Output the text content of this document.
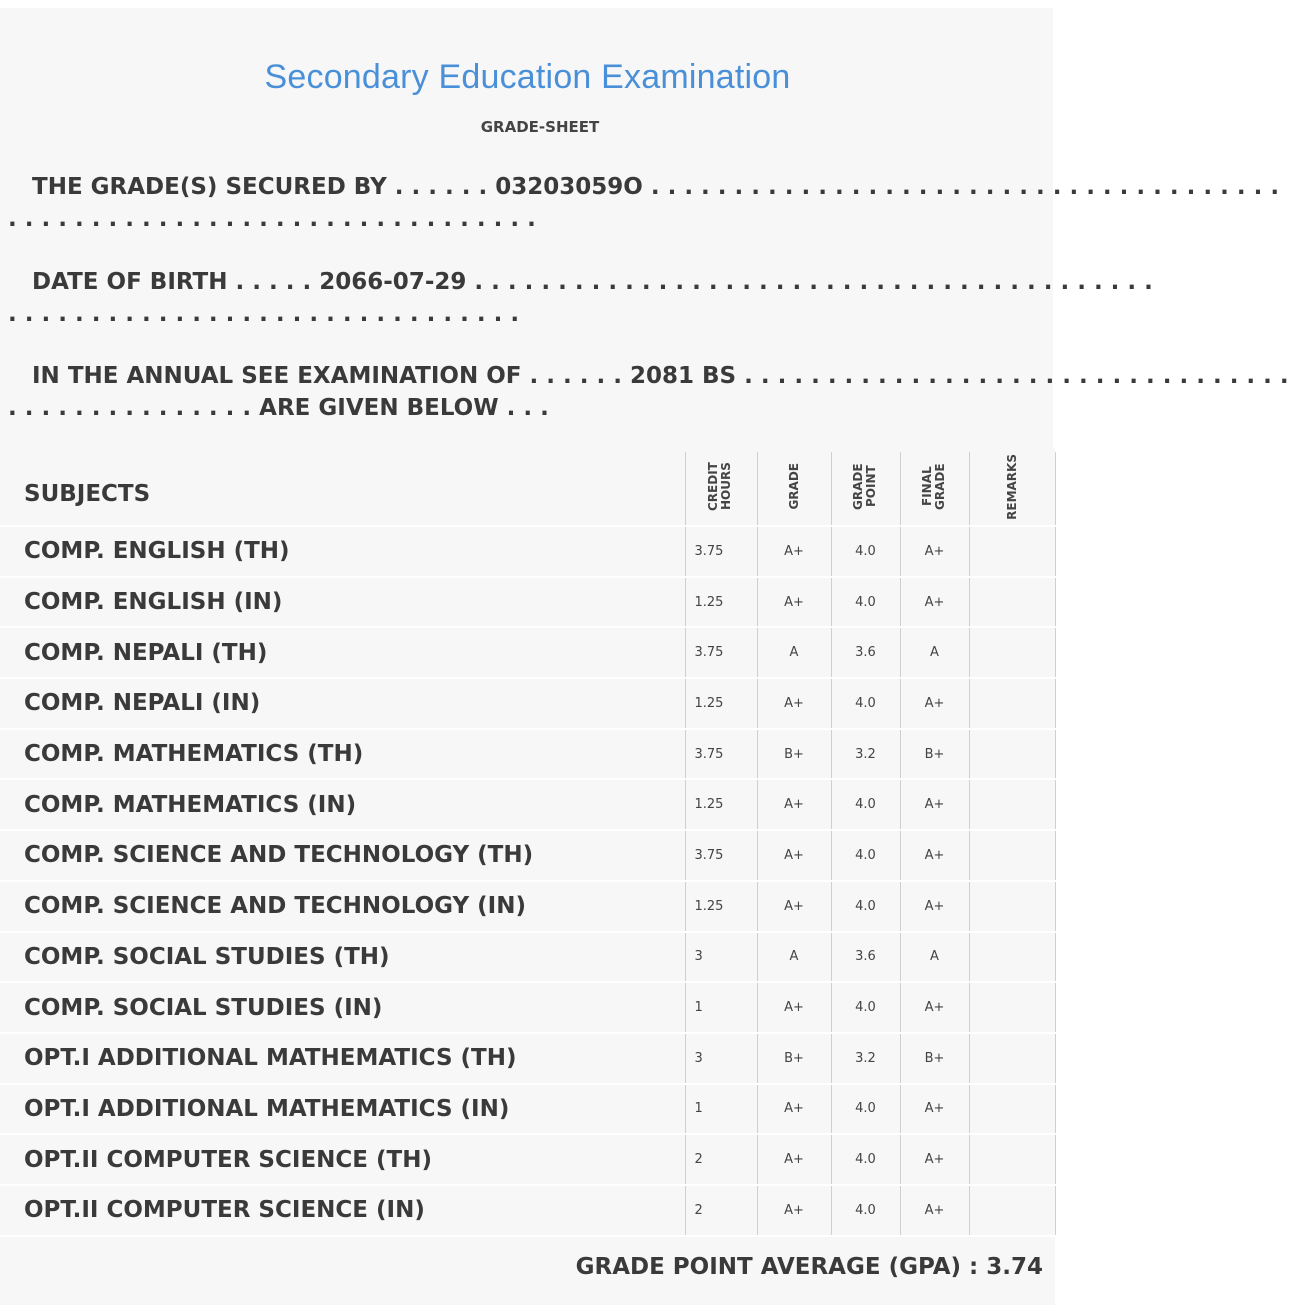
Secondary Education Examination
GRADE-SHEET
THE GRADE(S) SECURED BY . . . . . . 03203059O . . . . . . . . . . . . . . . . . . . . . . . . . . . . . . . . . . . . . .
. . . . . . . . . . . . . . . . . . . . . . . . . . . . . . . .
DATE OF BIRTH . . . . . 2066-07-29 . . . . . . . . . . . . . . . . . . . . . . . . . . . . . . . . . . . . . . . . .
. . . . . . . . . . . . . . . . . . . . . . . . . . . . . . .
IN THE ANNUAL SEE EXAMINATION OF . . . . . . 2081 BS . . . . . . . . . . . . . . . . . . . . . . . . . . . . . . . . .
. . . . . . . . . . . . . . . ARE GIVEN BELOW . . .
SUBJECTS	CREDIT HOURS	GRADE	GRADE POINT	FINAL GRADE	REMARKS
COMP. ENGLISH (TH)	3.75	A+	4.0	A+	
COMP. ENGLISH (IN)	1.25	A+	4.0	A+	
COMP. NEPALI (TH)	3.75	A	3.6	A	
COMP. NEPALI (IN)	1.25	A+	4.0	A+	
COMP. MATHEMATICS (TH)	3.75	B+	3.2	B+	
COMP. MATHEMATICS (IN)	1.25	A+	4.0	A+	
COMP. SCIENCE AND TECHNOLOGY (TH)	3.75	A+	4.0	A+	
COMP. SCIENCE AND TECHNOLOGY (IN)	1.25	A+	4.0	A+	
COMP. SOCIAL STUDIES (TH)	3	A	3.6	A	
COMP. SOCIAL STUDIES (IN)	1	A+	4.0	A+	
OPT.I ADDITIONAL MATHEMATICS (TH)	3	B+	3.2	B+	
OPT.I ADDITIONAL MATHEMATICS (IN)	1	A+	4.0	A+	
OPT.II COMPUTER SCIENCE (TH)	2	A+	4.0	A+	
OPT.II COMPUTER SCIENCE (IN)	2	A+	4.0	A+	
GRADE POINT AVERAGE (GPA) : 3.74
